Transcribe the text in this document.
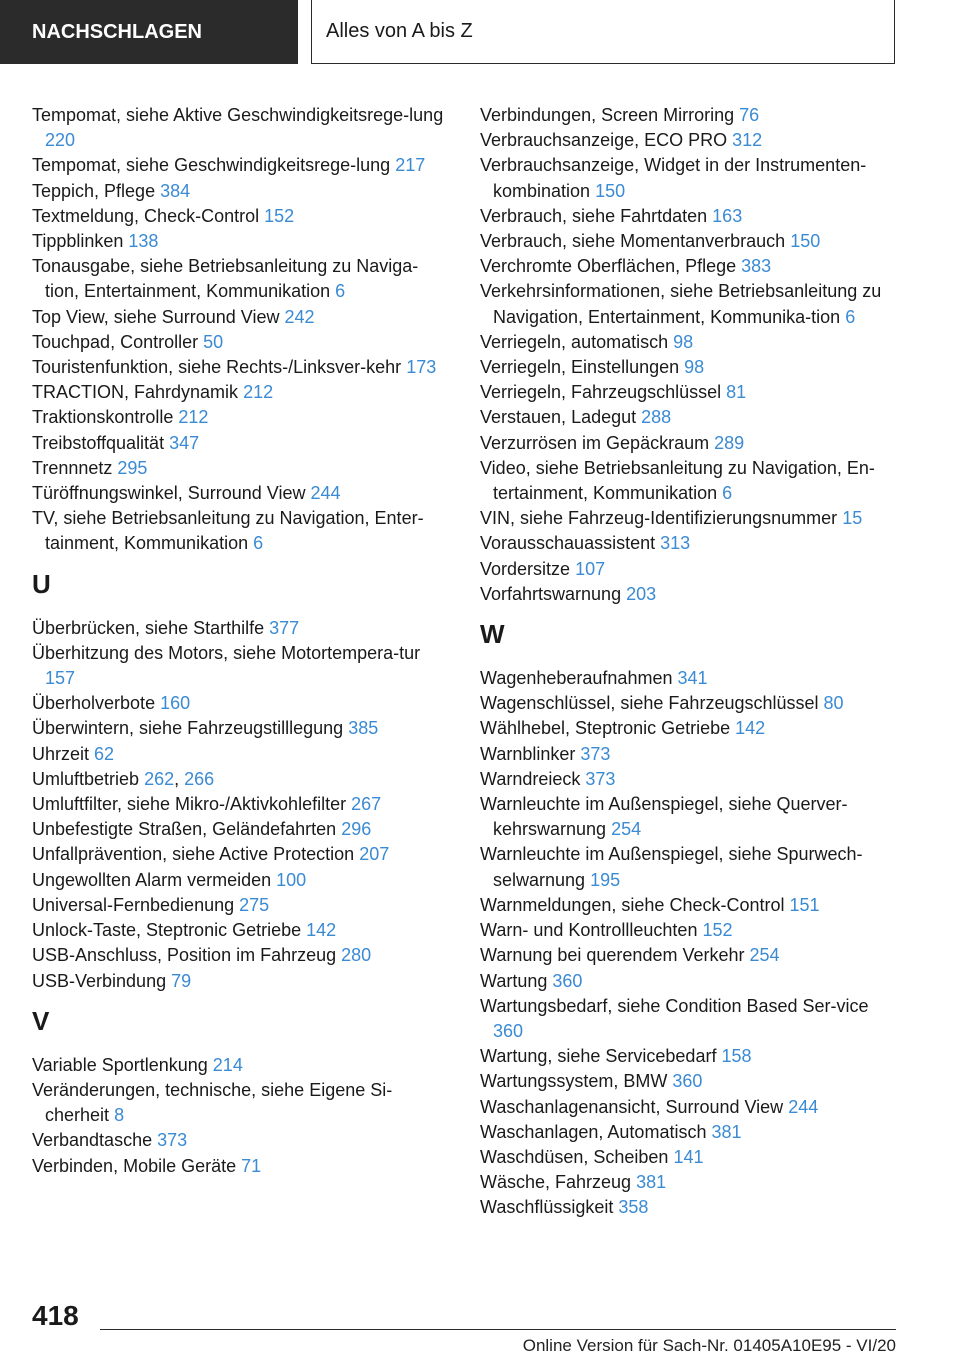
NACHSCHLAGEN	Alles von A bis Z
Tempomat, siehe Aktive Geschwindigkeitsrege-lung 220
Tempomat, siehe Geschwindigkeitsrege-lung 217
Teppich, Pflege 384
Textmeldung, Check-Control 152
Tippblinken 138
Tonausgabe, siehe Betriebsanleitung zu Naviga-tion, Entertainment, Kommunikation 6
Top View, siehe Surround View 242
Touchpad, Controller 50
Touristenfunktion, siehe Rechts-/Linksver-kehr 173
TRACTION, Fahrdynamik 212
Traktionskontrolle 212
Treibstoffqualität 347
Trennnetz 295
Türöffnungswinkel, Surround View 244
TV, siehe Betriebsanleitung zu Navigation, Enter-tainment, Kommunikation 6
U
Überbrücken, siehe Starthilfe 377
Überhitzung des Motors, siehe Motortempera-tur 157
Überholverbote 160
Überwintern, siehe Fahrzeugstilllegung 385
Uhrzeit 62
Umluftbetrieb 262, 266
Umluftfilter, siehe Mikro-/Aktivkohlefilter 267
Unbefestigte Straßen, Geländefahrten 296
Unfallprävention, siehe Active Protection 207
Ungewollten Alarm vermeiden 100
Universal-Fernbedienung 275
Unlock-Taste, Steptronic Getriebe 142
USB-Anschluss, Position im Fahrzeug 280
USB-Verbindung 79
V
Variable Sportlenkung 214
Veränderungen, technische, siehe Eigene Si-cherheit 8
Verbandtasche 373
Verbinden, Mobile Geräte 71
Verbindungen, Screen Mirroring 76
Verbrauchsanzeige, ECO PRO 312
Verbrauchsanzeige, Widget in der Instrumenten-kombination 150
Verbrauch, siehe Fahrtdaten 163
Verbrauch, siehe Momentanverbrauch 150
Verchromte Oberflächen, Pflege 383
Verkehrsinformationen, siehe Betriebsanleitung zu Navigation, Entertainment, Kommunika-tion 6
Verriegeln, automatisch 98
Verriegeln, Einstellungen 98
Verriegeln, Fahrzeugschlüssel 81
Verstauen, Ladegut 288
Verzurrösen im Gepäckraum 289
Video, siehe Betriebsanleitung zu Navigation, En-tertainment, Kommunikation 6
VIN, siehe Fahrzeug-Identifizierungsnummer 15
Vorausschauassistent 313
Vordersitze 107
Vorfahrtswarnung 203
W
Wagenheberaufnahmen 341
Wagenschlüssel, siehe Fahrzeugschlüssel 80
Wählhebel, Steptronic Getriebe 142
Warnblinker 373
Warndreieck 373
Warnleuchte im Außenspiegel, siehe Querver-kehrswarnung 254
Warnleuchte im Außenspiegel, siehe Spurwech-selwarnung 195
Warnmeldungen, siehe Check-Control 151
Warn- und Kontrollleuchten 152
Warnung bei querendem Verkehr 254
Wartung 360
Wartungsbedarf, siehe Condition Based Ser-vice 360
Wartung, siehe Servicebedarf 158
Wartungssystem, BMW 360
Waschanlagenansicht, Surround View 244
Waschanlagen, Automatisch 381
Waschdüsen, Scheiben 141
Wäsche, Fahrzeug 381
Waschflüssigkeit 358
418
Online Version für Sach-Nr. 01405A10E95 - VI/20
